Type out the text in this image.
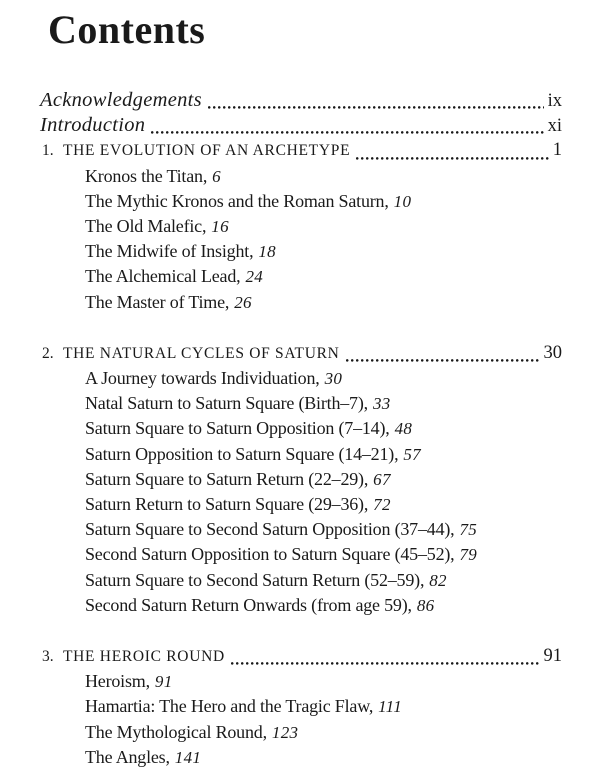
Contents
Acknowledgements	ix
Introduction	xi
1. THE EVOLUTION OF AN ARCHETYPE	1
Kronos the Titan, 6
The Mythic Kronos and the Roman Saturn, 10
The Old Malefic, 16
The Midwife of Insight, 18
The Alchemical Lead, 24
The Master of Time, 26
2. THE NATURAL CYCLES OF SATURN	30
A Journey towards Individuation, 30
Natal Saturn to Saturn Square (Birth–7), 33
Saturn Square to Saturn Opposition (7–14), 48
Saturn Opposition to Saturn Square (14–21), 57
Saturn Square to Saturn Return (22–29), 67
Saturn Return to Saturn Square (29–36), 72
Saturn Square to Second Saturn Opposition (37–44), 75
Second Saturn Opposition to Saturn Square (45–52), 79
Saturn Square to Second Saturn Return (52–59), 82
Second Saturn Return Onwards (from age 59), 86
3. THE HEROIC ROUND	91
Heroism, 91
Hamartia: The Hero and the Tragic Flaw, 111
The Mythological Round, 123
The Angles, 141
